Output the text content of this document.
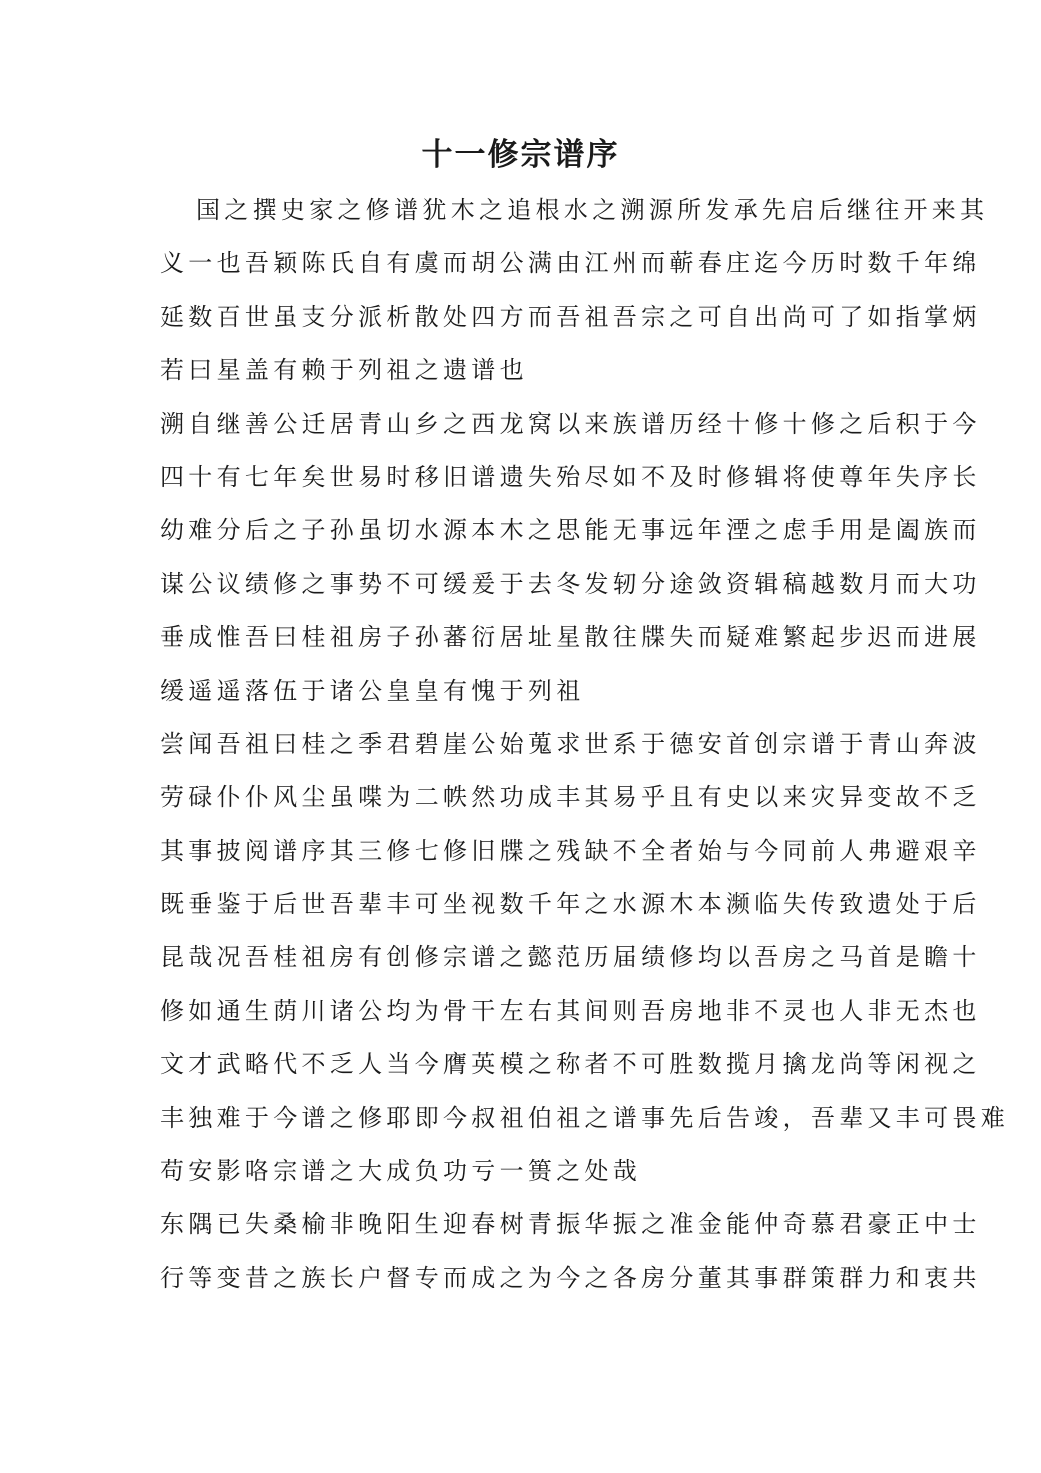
十一修宗谱序
国之撰史家之修谱犹木之追根水之溯源所发承先启后继往开来其
义一也吾颖陈氏自有虞而胡公满由江州而蕲春庄迄今历时数千年绵
延数百世虽支分派析散处四方而吾祖吾宗之可自出尚可了如指掌炳
若曰星盖有赖于列祖之遗谱也
溯自继善公迁居青山乡之西龙窝以来族谱历经十修十修之后积于今
四十有七年矣世易时移旧谱遗失殆尽如不及时修辑将使尊年失序长
幼难分后之子孙虽切水源本木之思能无事远年湮之虑手用是阖族而
谋公议绩修之事势不可缓爰于去冬发轫分途敛资辑稿越数月而大功
垂成惟吾曰桂祖房子孙蕃衍居址星散往牒失而疑难繁起步迟而进展
缓遥遥落伍于诸公皇皇有愧于列祖
尝闻吾祖曰桂之季君碧崖公始蒐求世系于德安首创宗谱于青山奔波
劳碌仆仆风尘虽喋为二帙然功成丰其易乎且有史以来灾异变故不乏
其事披阅谱序其三修七修旧牒之残缺不全者始与今同前人弗避艰辛
既垂鉴于后世吾辈丰可坐视数千年之水源木本濒临失传致遗处于后
昆哉况吾桂祖房有创修宗谱之懿范历届绩修均以吾房之马首是瞻十
修如通生荫川诸公均为骨干左右其间则吾房地非不灵也人非无杰也
文才武略代不乏人当今膺英模之称者不可胜数揽月擒龙尚等闲视之
丰独难于今谱之修耶即今叔祖伯祖之谱事先后告竣，吾辈又丰可畏难
苟安影咯宗谱之大成负功亏一篑之处哉
东隅已失桑榆非晚阳生迎春树青振华振之准金能仲奇慕君豪正中士
行等变昔之族长户督专而成之为今之各房分董其事群策群力和衷共
